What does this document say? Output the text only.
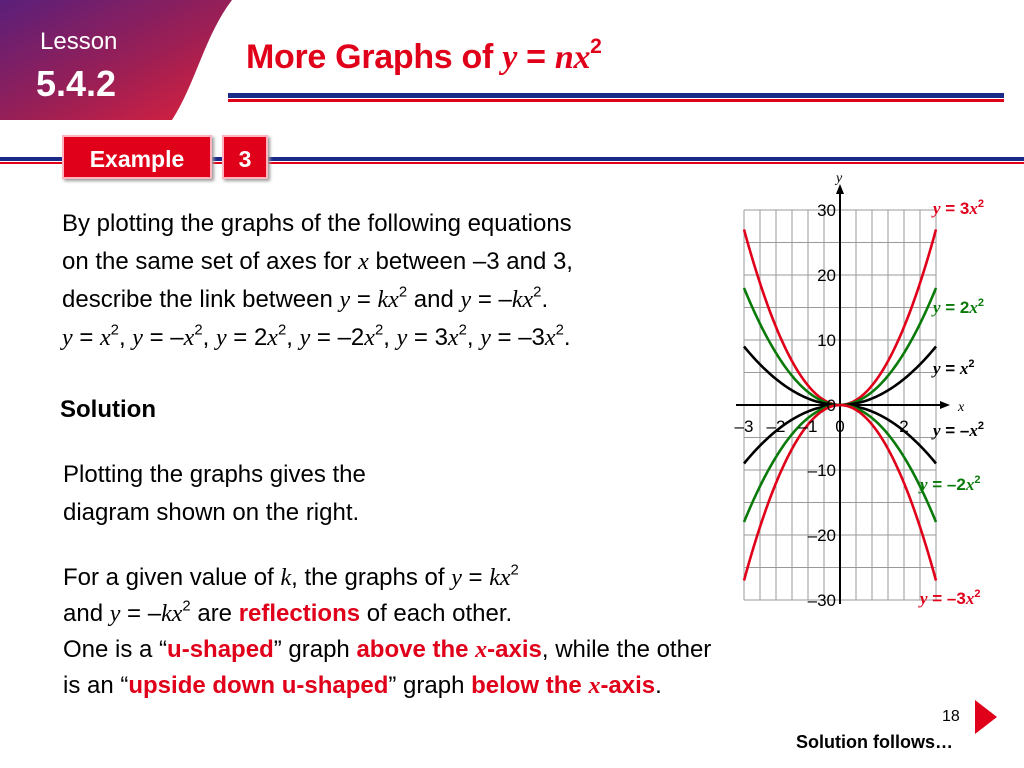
Lesson
5.4.2
More Graphs of $y = nx^2$
Example	3
By plotting the graphs of the following equations
on the same set of axes for x between –3 and 3,
describe the link between $y = kx^2$ and $y = -kx^2$.
$y = x^2$, $y = -x^2$, $y = 2x^2$, $y = -2x^2$, $y = 3x^2$, $y = -3x^2$.
Solution
Plotting the graphs gives the
diagram shown on the right.
For a given value of k, the graphs of $y = kx^2$
and $y = -kx^2$ are reflections of each other.
One is a “u-shaped” graph above the x-axis, while the other
is an “upside down u-shaped” graph below the x-axis.
x
y
30
20
10
0
–10
–20
–30
–3 –2 –1 0	2
$y = 3x^2$
$y = 2x^2$
$y = x^2$
$y = -x^2$
$y = -2x^2$
$y = -3x^2$
18
Solution follows…
